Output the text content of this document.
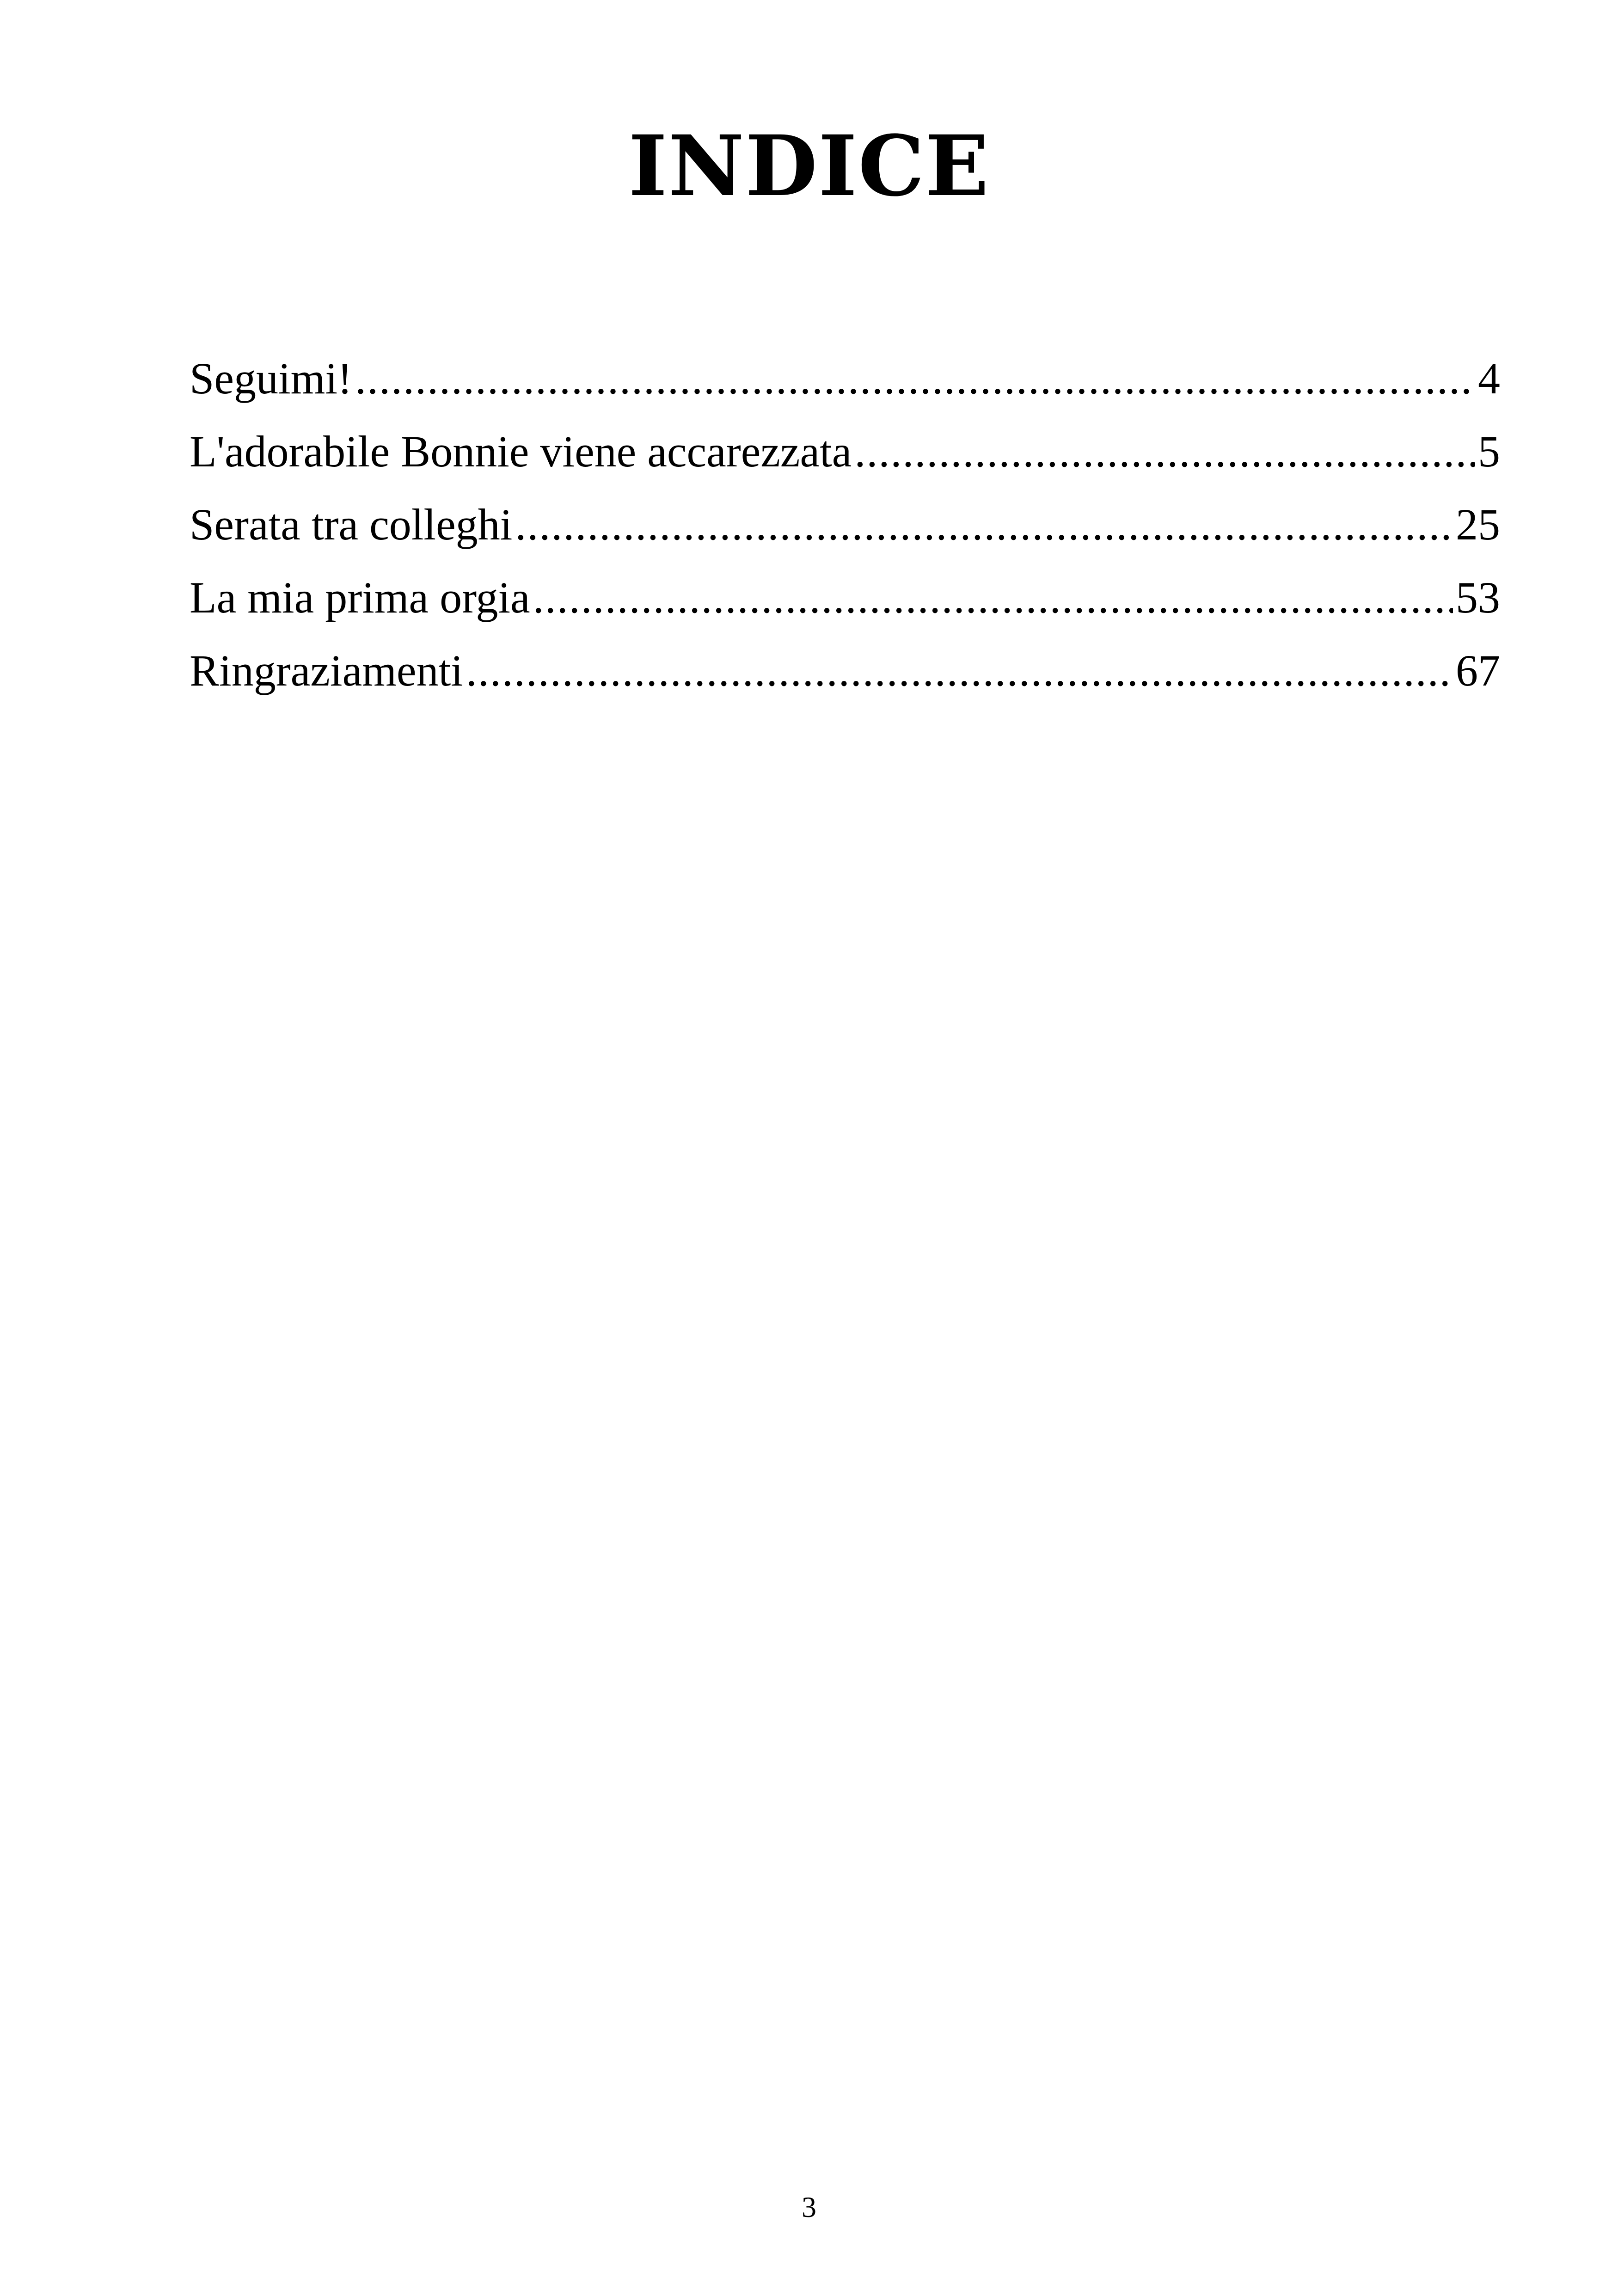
INDICE
Seguimi! .....	4
L'adorabile Bonnie viene accarezzata .....	5
Serata tra colleghi .....	25
La mia prima orgia .....	53
Ringraziamenti .....	67
3
